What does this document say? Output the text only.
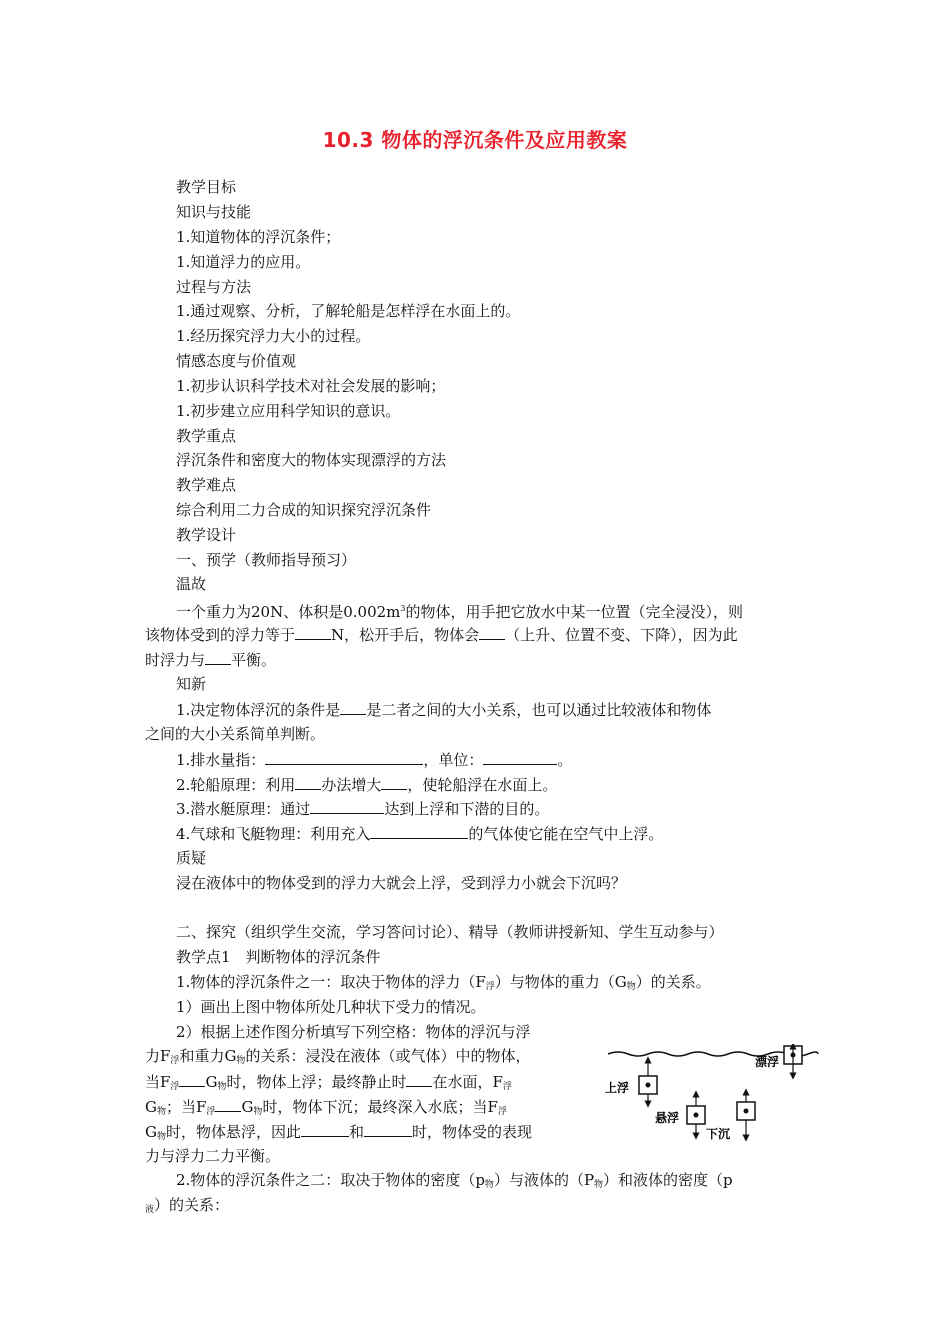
10.3 物体的浮沉条件及应用教案
教学目标
知识与技能
1.知道物体的浮沉条件；
1.知道浮力的应用。
过程与方法
1.通过观察、分析，了解轮船是怎样浮在水面上的。
1.经历探究浮力大小的过程。
情感态度与价值观
1.初步认识科学技术对社会发展的影响；
1.初步建立应用科学知识的意识。
教学重点
浮沉条件和密度大的物体实现漂浮的方法
教学难点
综合利用二力合成的知识探究浮沉条件
教学设计
一、预学（教师指导预习）
温故
一个重力为20N、体积是$0.002m^3$的物体，用手把它放水中某一位置（完全浸没），则
该物体受到的浮力等于 N，松开手后，物体会 （上升、位置不变、下降），因为此
时浮力与 平衡。
知新
1.决定物体浮沉的条件是 是二者之间的大小关系，也可以通过比较液体和物体
之间的大小关系简单判断。
1.排水量指：	，单位：	。
2.轮船原理：利用 办法增大 ，使轮船浮在水面上。
3.潜水艇原理：通过	达到上浮和下潜的目的。
4.气球和飞艇物理：利用充入	的气体使它能在空气中上浮。
质疑
浸在液体中的物体受到的浮力大就会上浮，受到浮力小就会下沉吗？
二、探究（组织学生交流，学习答问讨论）、精导（教师讲授新知、学生互动参与）
教学点1　判断物体的浮沉条件
1.物体的浮沉条件之一：取决于物体的浮力$(F_浮)$与物体的重力$(G_物)$的关系。
1）画出上图中物体所处几种状下受力的情况。
2）根据上述作图分析填写下列空格：物体的浮沉与浮
力$F_浮$和重力$G_物$的关系：浸没在液体（或气体）中的物体，
当$F_浮$ $G_物$时，物体上浮；最终静止时 在水面，$F_浮$
$G_物$；当$F_浮$ $G_物$时，物体下沉；最终深入水底；当$F_浮$
$G_物$时，物体悬浮，因此	和	时，物体受的表现
力与浮力二力平衡。
2.物体的浮沉条件之二：取决于物体的密度$(p_物)$与液体的$(P_物)$和液体的密度（p
$_液$）的关系：
漂浮
上浮
悬浮
下沉
